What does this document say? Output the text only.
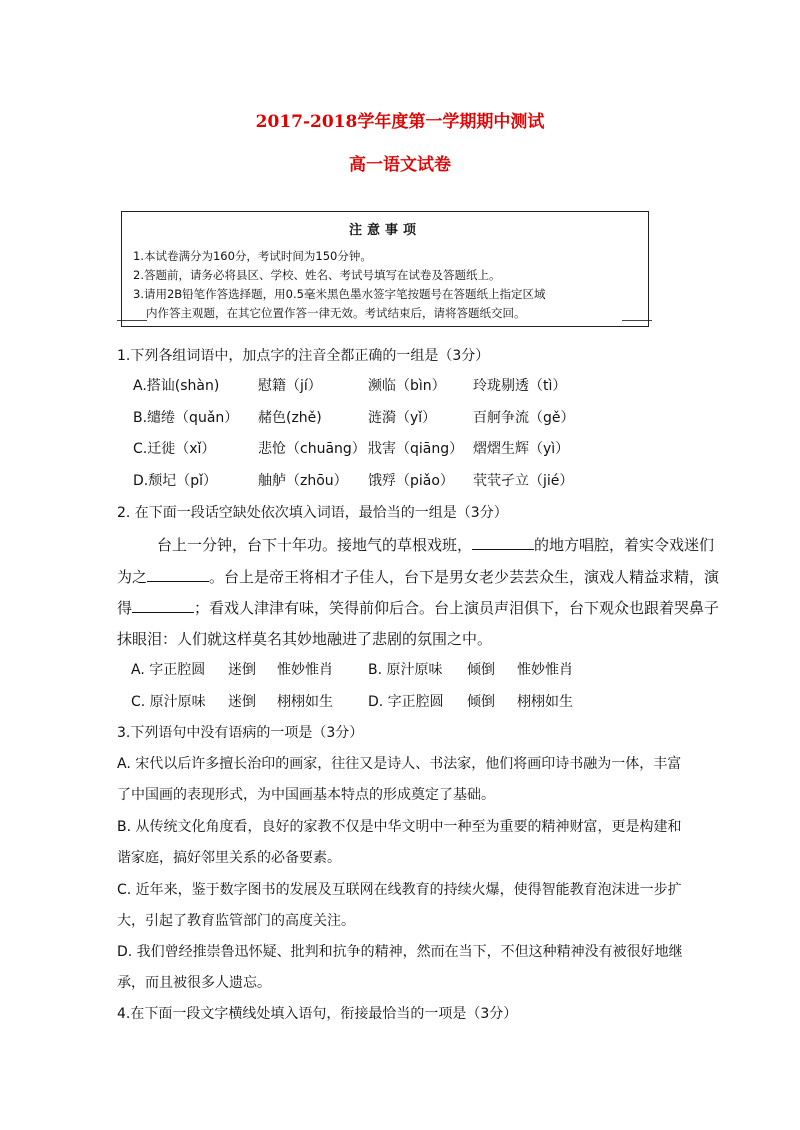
2017-2018学年度第一学期期中测试
高一语文试卷
注意事项
1.本试卷满分为160分，考试时间为150分钟。
2.答题前，请务必将县区、学校、姓名、考试号填写在试卷及答题纸上。
3.请用2B铅笔作答选择题，用0.5毫米黑色墨水签字笔按题号在答题纸上指定区域
内作答主观题，在其它位置作答一律无效。考试结束后，请将答题纸交回。
1.下列各组词语中，加点字的注音全都正确的一组是（3分）
A.搭讪(shàn)	慰籍（jí）	濒临（bìn） 玲珑剔透（tì）
B.缱绻（quǎn） 赭色(zhě)	涟漪（yǐ）	百舸争流（gě）
C.迁徙（xǐ）	悲怆（chuāng） 戕害（qiāng） 熠熠生辉（yì）
D.颓圮（pǐ）	舳舻（zhōu） 饿殍（piǎo） 茕茕孑立（jié）
2. 在下面一段话空缺处依次填入词语，最恰当的一组是（3分）
台上一分钟，台下十年功。接地气的草根戏班，	的地方唱腔，着实令戏迷们
为之	。台上是帝王将相才子佳人，台下是男女老少芸芸众生，演戏人精益求精，演
得	；看戏人津津有味，笑得前仰后合。台上演员声泪俱下，台下观众也跟着哭鼻子
抹眼泪：人们就这样莫名其妙地融进了悲剧的氛围之中。
A. 字正腔圆 迷倒 惟妙惟肖	B. 原汁原味 倾倒 惟妙惟肖
C. 原汁原味 迷倒 栩栩如生	D. 字正腔圆 倾倒 栩栩如生
3.下列语句中没有语病的一项是（3分）
A. 宋代以后许多擅长治印的画家，往往又是诗人、书法家，他们将画印诗书融为一体，丰富
了中国画的表现形式，为中国画基本特点的形成奠定了基础。
B. 从传统文化角度看，良好的家教不仅是中华文明中一种至为重要的精神财富，更是构建和
谐家庭，搞好邻里关系的必备要素。
C. 近年来，鉴于数字图书的发展及互联网在线教育的持续火爆，使得智能教育泡沫进一步扩
大，引起了教育监管部门的高度关注。
D. 我们曾经推崇鲁迅怀疑、批判和抗争的精神，然而在当下，不但这种精神没有被很好地继
承，而且被很多人遗忘。
4.在下面一段文字横线处填入语句，衔接最恰当的一项是（3分）
